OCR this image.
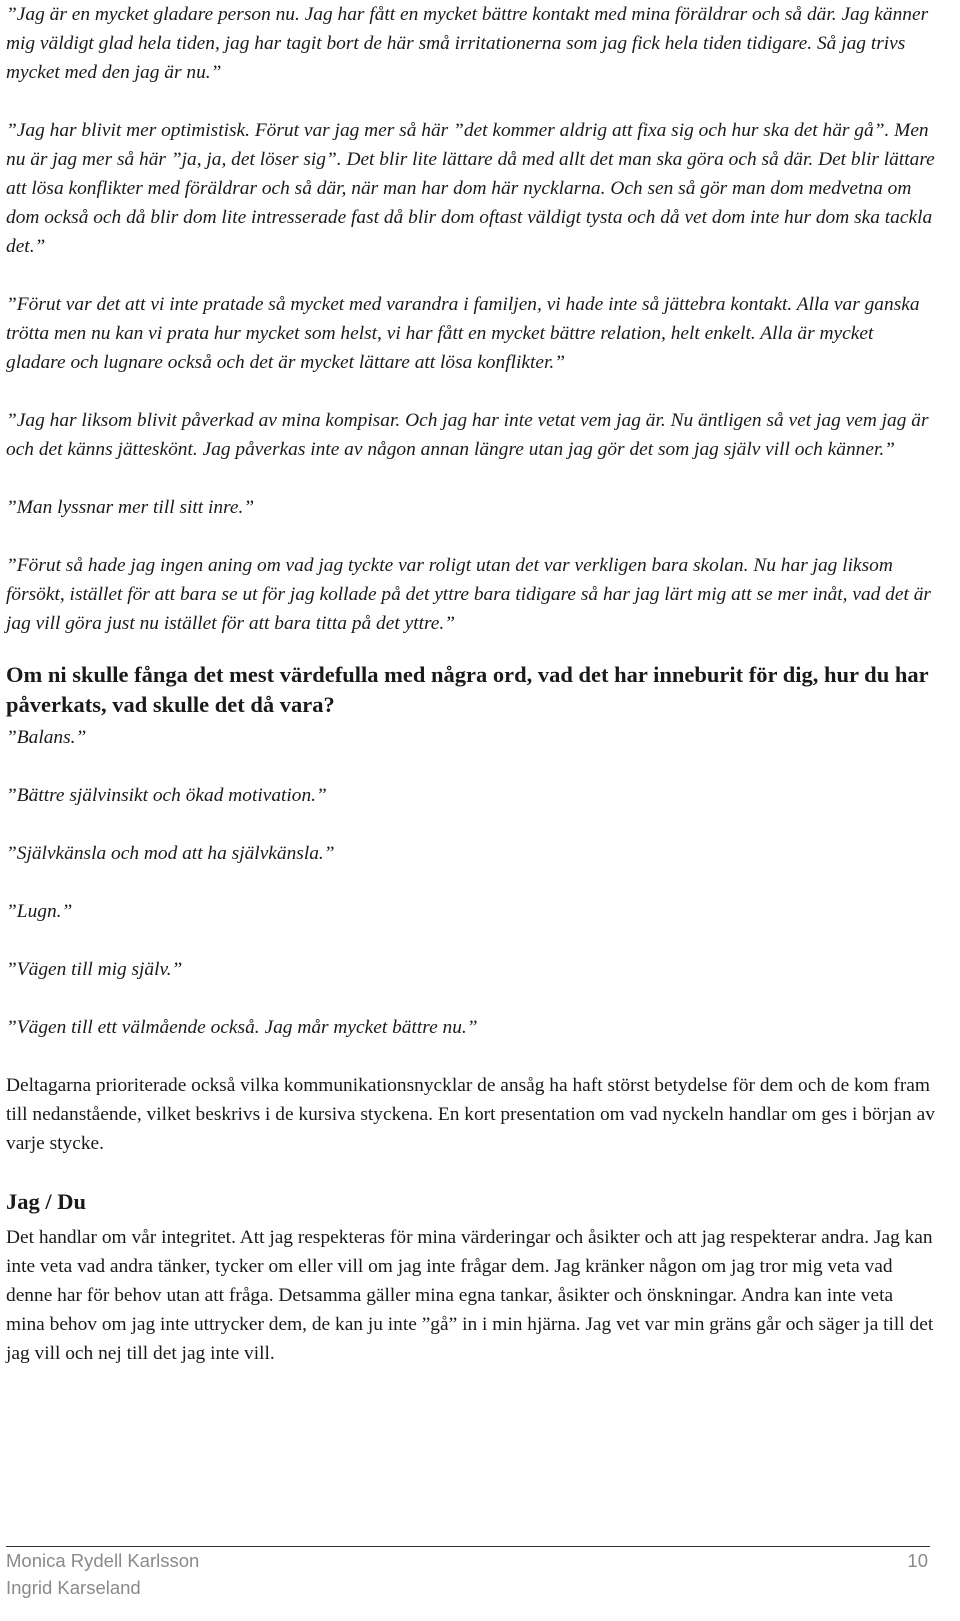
”Jag är en mycket gladare person nu. Jag har fått en mycket bättre kontakt med mina föräldrar och så där. Jag känner mig väldigt glad hela tiden, jag har tagit bort de här små irritationerna som jag fick hela tiden tidigare. Så jag trivs mycket med den jag är nu.”

”Jag har blivit mer optimistisk. Förut var jag mer så här ”det kommer aldrig att fixa sig och hur ska det här gå”. Men nu är jag mer så här ”ja, ja, det löser sig”. Det blir lite lättare då med allt det man ska göra och så där. Det blir lättare att lösa konflikter med föräldrar och så där, när man har dom här nycklarna. Och sen så gör man dom medvetna om dom också och då blir dom lite intresserade fast då blir dom oftast väldigt tysta och då vet dom inte hur dom ska tackla det.”

”Förut var det att vi inte pratade så mycket med varandra i familjen, vi hade inte så jättebra kontakt. Alla var ganska trötta men nu kan vi prata hur mycket som helst, vi har fått en mycket bättre relation, helt enkelt. Alla är mycket gladare och lugnare också och det är mycket lättare att lösa konflikter.”

”Jag har liksom blivit påverkad av mina kompisar. Och jag har inte vetat vem jag är. Nu äntligen så vet jag vem jag är och det känns jätteskönt. Jag påverkas inte av någon annan längre utan jag gör det som jag själv vill och känner.”

”Man lyssnar mer till sitt inre.”

”Förut så hade jag ingen aning om vad jag tyckte var roligt utan det var verkligen bara skolan. Nu har jag liksom försökt, istället för att bara se ut för jag kollade på det yttre bara tidigare så har jag lärt mig att se mer inåt, vad det är jag vill göra just nu istället för att bara titta på det yttre.”

Om ni skulle fånga det mest värdefulla med några ord, vad det har inneburit för dig, hur du har påverkats, vad skulle det då vara?

”Balans.”

”Bättre självinsikt och ökad motivation.”

”Självkänsla och mod att ha självkänsla.”

”Lugn.”

”Vägen till mig själv.”

”Vägen till ett välmående också. Jag mår mycket bättre nu.”

Deltagarna prioriterade också vilka kommunikationsnycklar de ansåg ha haft störst betydelse för dem och de kom fram till nedanstående, vilket beskrivs i de kursiva styckena. En kort presentation om vad nyckeln handlar om ges i början av varje stycke.

Jag / Du

Det handlar om vår integritet. Att jag respekteras för mina värderingar och åsikter och att jag respekterar andra. Jag kan inte veta vad andra tänker, tycker om eller vill om jag inte frågar dem. Jag kränker någon om jag tror mig veta vad denne har för behov utan att fråga. Detsamma gäller mina egna tankar, åsikter och önskningar. Andra kan inte veta mina behov om jag inte uttrycker dem, de kan ju inte ”gå” in i min hjärna. Jag vet var min gräns går och säger ja till det jag vill och nej till det jag inte vill.

Monica Rydell Karlsson
Ingrid Karseland
10
